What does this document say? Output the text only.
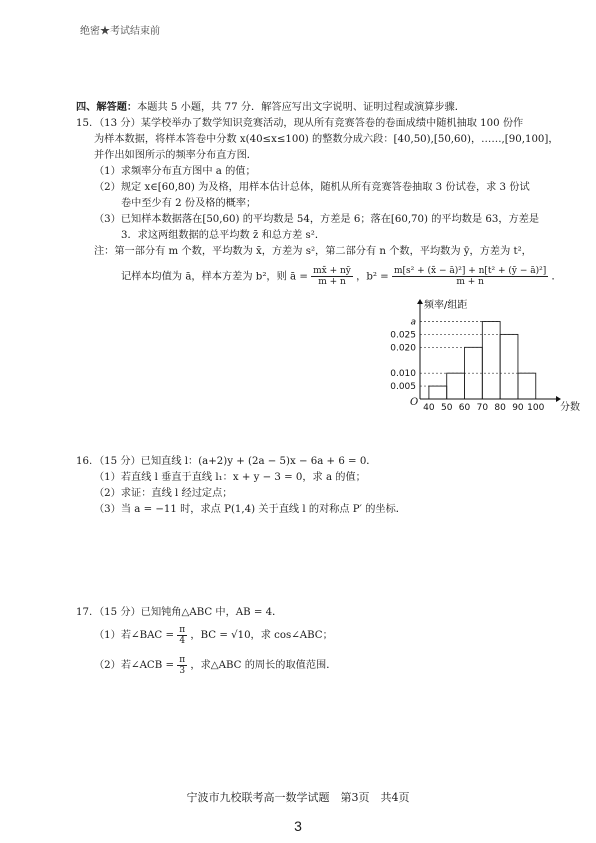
绝密★考试结束前
四、解答题：本题共 5 小题，共 77 分．解答应写出文字说明、证明过程或演算步骤．
15. （13 分）某学校举办了数学知识竞赛活动，现从所有竞赛答卷的卷面成绩中随机抽取 100 份作
为样本数据，将样本答卷中分数 x(40≤x≤100) 的整数分成六段：[40,50),[50,60)，……,[90,100]，
并作出如图所示的频率分布直方图．
（1）求频率分布直方图中 a 的值；
（2）规定 x∈[60,80) 为及格，用样本估计总体，随机从所有竞赛答卷抽取 3 份试卷，求 3 份试
卷中至少有 2 份及格的概率；
（3）已知样本数据落在[50,60) 的平均数是 54，方差是 6；落在[60,70) 的平均数是 63，方差是
3．求这两组数据的总平均数 z̄ 和总方差 s²．
注：第一部分有 m 个数，平均数为 x̄，方差为 s²，第二部分有 n 个数，平均数为 ȳ，方差为 t²，
记样本均值为 ā，样本方差为 b²，则 ā = $\frac{mx̄ + nȳ}{m + n}$ ，$b^2 = \frac{\text{m[s² + (x̄ − ā)²] + n[t² + (ȳ − ā)²]}}{m + n}$ ．
a
0.025
0.020
0.010
0.005
40 50 60 70 80 90 100 分数
频率/组距
O
16. （15 分）已知直线 l：(a+2)y + (2a − 5)x − 6a + 6 = 0．
（1）若直线 l 垂直于直线 l₁：x + y − 3 = 0，求 a 的值；
（2）求证：直线 l 经过定点；
（3）当 a = −11 时，求点 P(1,4) 关于直线 l 的对称点 P′ 的坐标．
17. （15 分）已知钝角△ABC 中，AB = 4．
（1）若∠BAC = $\frac{\pi}{4}$ ，BC = √10，求 cos∠ABC；
（2）若∠ACB = $\frac{\pi}{3}$ ，求△ABC 的周长的取值范围．
宁波市九校联考高一数学试题　第3页　共4页
3
